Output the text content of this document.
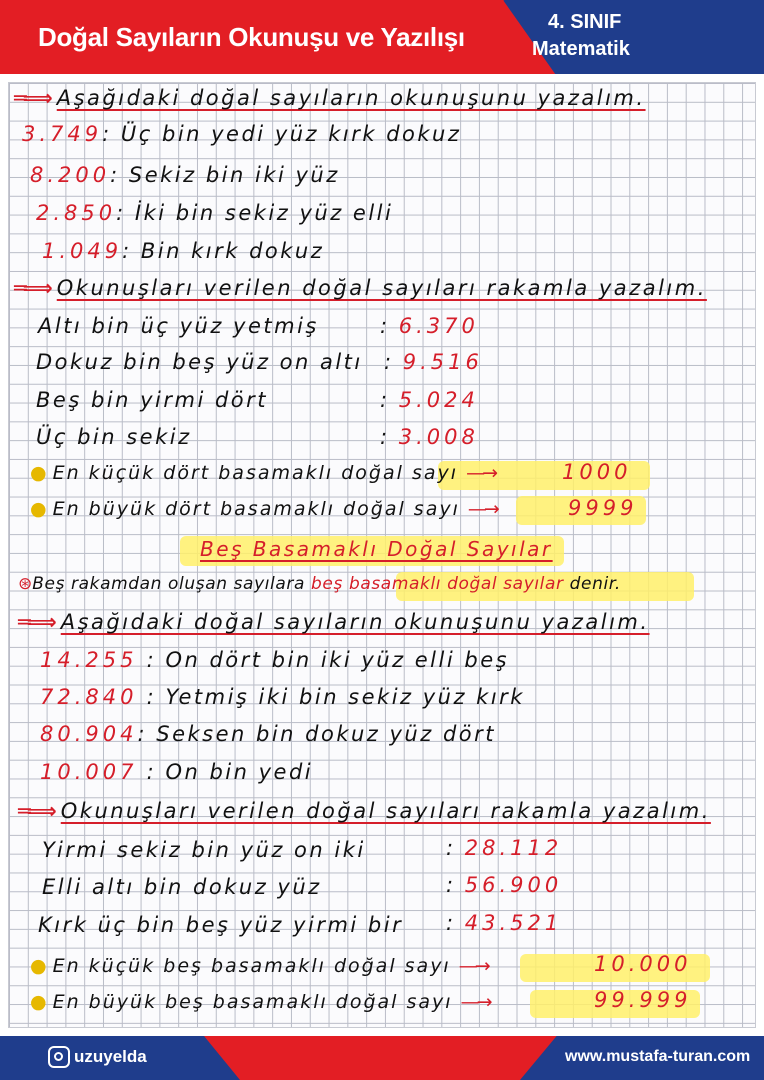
Doğal Sayıların Okunuşu ve Yazılışı	4. SINIF
Matematik
═⟹ Aşağıdaki doğal sayıların okunuşunu yazalım.
3.749: Üç bin yedi yüz kırk dokuz
8.200: Sekiz bin iki yüz
2.850: İki bin sekiz yüz elli
1.049: Bin kırk dokuz
═⟹ Okunuşları verilen doğal sayıları rakamla yazalım.
Altı bin üç yüz yetmiş	: 6.370
Dokuz bin beş yüz on altı : 9.516
Beş bin yirmi dört	: 5.024
Üç bin sekiz	: 3.008
● En küçük dört basamaklı doğal sayı —→	1000
● En büyük dört basamaklı doğal sayı —→	9999
Beş Basamaklı Doğal Sayılar
⊛Beş rakamdan oluşan sayılara beş basamaklı doğal sayılar denir.
═⟹ Aşağıdaki doğal sayıların okunuşunu yazalım.
14.255 : On dört bin iki yüz elli beş
72.840 : Yetmiş iki bin sekiz yüz kırk
80.904: Seksen bin dokuz yüz dört
10.007 : On bin yedi
═⟹ Okunuşları verilen doğal sayıları rakamla yazalım.
Yirmi sekiz bin yüz on iki	: 28.112
Elli altı bin dokuz yüz	: 56.900
Kırk üç bin beş yüz yirmi bir : 43.521
● En küçük beş basamaklı doğal sayı —→	10.000
● En büyük beş basamaklı doğal sayı —→	99.999
uzuyelda	www.mustafa-turan.com
